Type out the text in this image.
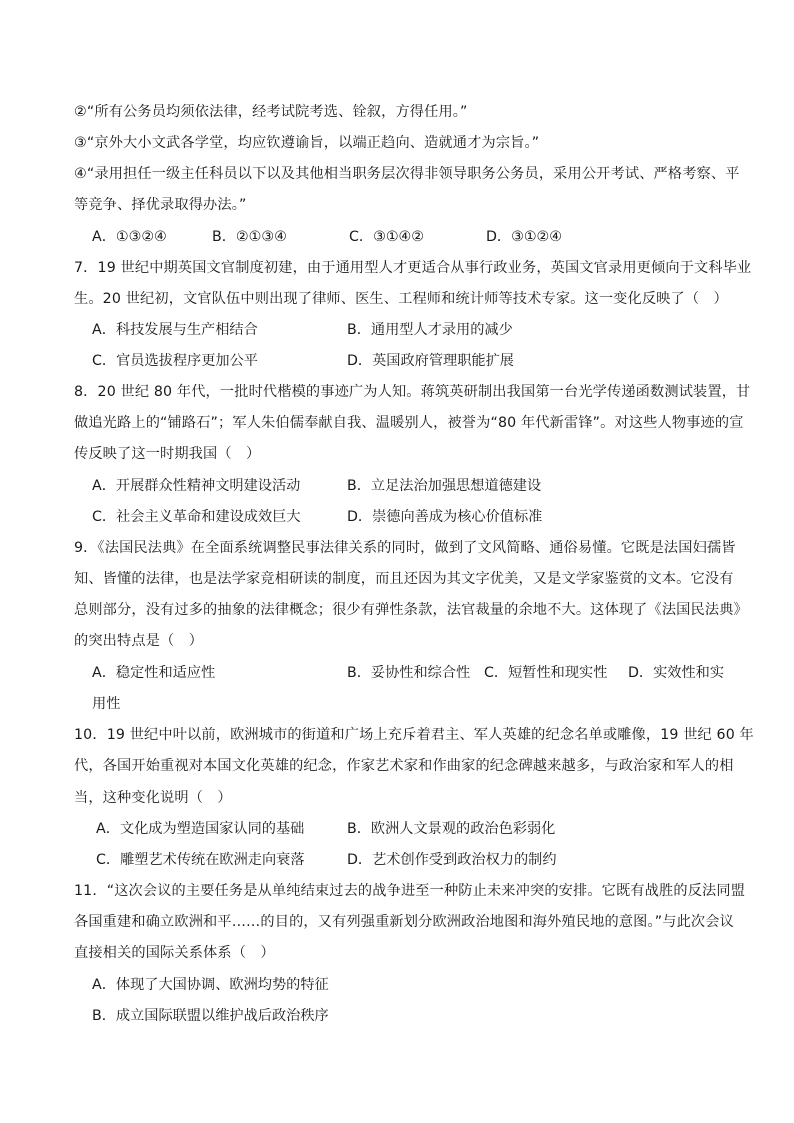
②“所有公务员均须依法律，经考试院考选、铨叙，方得任用。”
③“京外大小文武各学堂，均应钦遵谕旨，以端正趋向、造就通才为宗旨。”
④“录用担任一级主任科员以下以及其他相当职务层次得非领导职务公务员，采用公开考试、严格考察、平
等竞争、择优录取得办法。”
A．①③②④	B．②①③④	C．③①④②	D．③①②④
7．19 世纪中期英国文官制度初建，由于通用型人才更适合从事行政业务，英国文官录用更倾向于文科毕业
生。20 世纪初，文官队伍中则出现了律师、医生、工程师和统计师等技术专家。这一变化反映了（　）
A．科技发展与生产相结合	B．通用型人才录用的减少
C．官员选拔程序更加公平	D．英国政府管理职能扩展
8．20 世纪 80 年代，一批时代楷模的事迹广为人知。蒋筑英研制出我国第一台光学传递函数测试装置，甘
做追光路上的“铺路石”；军人朱伯儒奉献自我、温暖别人，被誉为“80 年代新雷锋”。对这些人物事迹的宣
传反映了这一时期我国（　）
A．开展群众性精神文明建设活动	B．立足法治加强思想道德建设
C．社会主义革命和建设成效巨大	D．崇德向善成为核心价值标准
9．《法国民法典》在全面系统调整民事法律关系的同时，做到了文风简略、通俗易懂。它既是法国妇孺皆
知、皆懂的法律，也是法学家竞相研读的制度，而且还因为其文字优美，又是文学家鉴赏的文本。它没有
总则部分，没有过多的抽象的法律概念；很少有弹性条款，法官裁量的余地不大。这体现了《法国民法典》
的突出特点是（　）
A．稳定性和适应性	B．妥协性和综合性 C．短暂性和现实性 D．实效性和实
用性
10．19 世纪中叶以前，欧洲城市的街道和广场上充斥着君主、军人英雄的纪念名单或雕像，19 世纪 60 年
代，各国开始重视对本国文化英雄的纪念，作家艺术家和作曲家的纪念碑越来越多，与政治家和军人的相
当，这种变化说明（　）
A．文化成为塑造国家认同的基础	B．欧洲人文景观的政治色彩弱化
C．雕塑艺术传统在欧洲走向衰落	D．艺术创作受到政治权力的制约
11．“这次会议的主要任务是从单纯结束过去的战争进至一种防止未来冲突的安排。它既有战胜的反法同盟
各国重建和确立欧洲和平……的目的，又有列强重新划分欧洲政治地图和海外殖民地的意图。”与此次会议
直接相关的国际关系体系（　）
A．体现了大国协调、欧洲均势的特征
B．成立国际联盟以维护战后政治秩序
